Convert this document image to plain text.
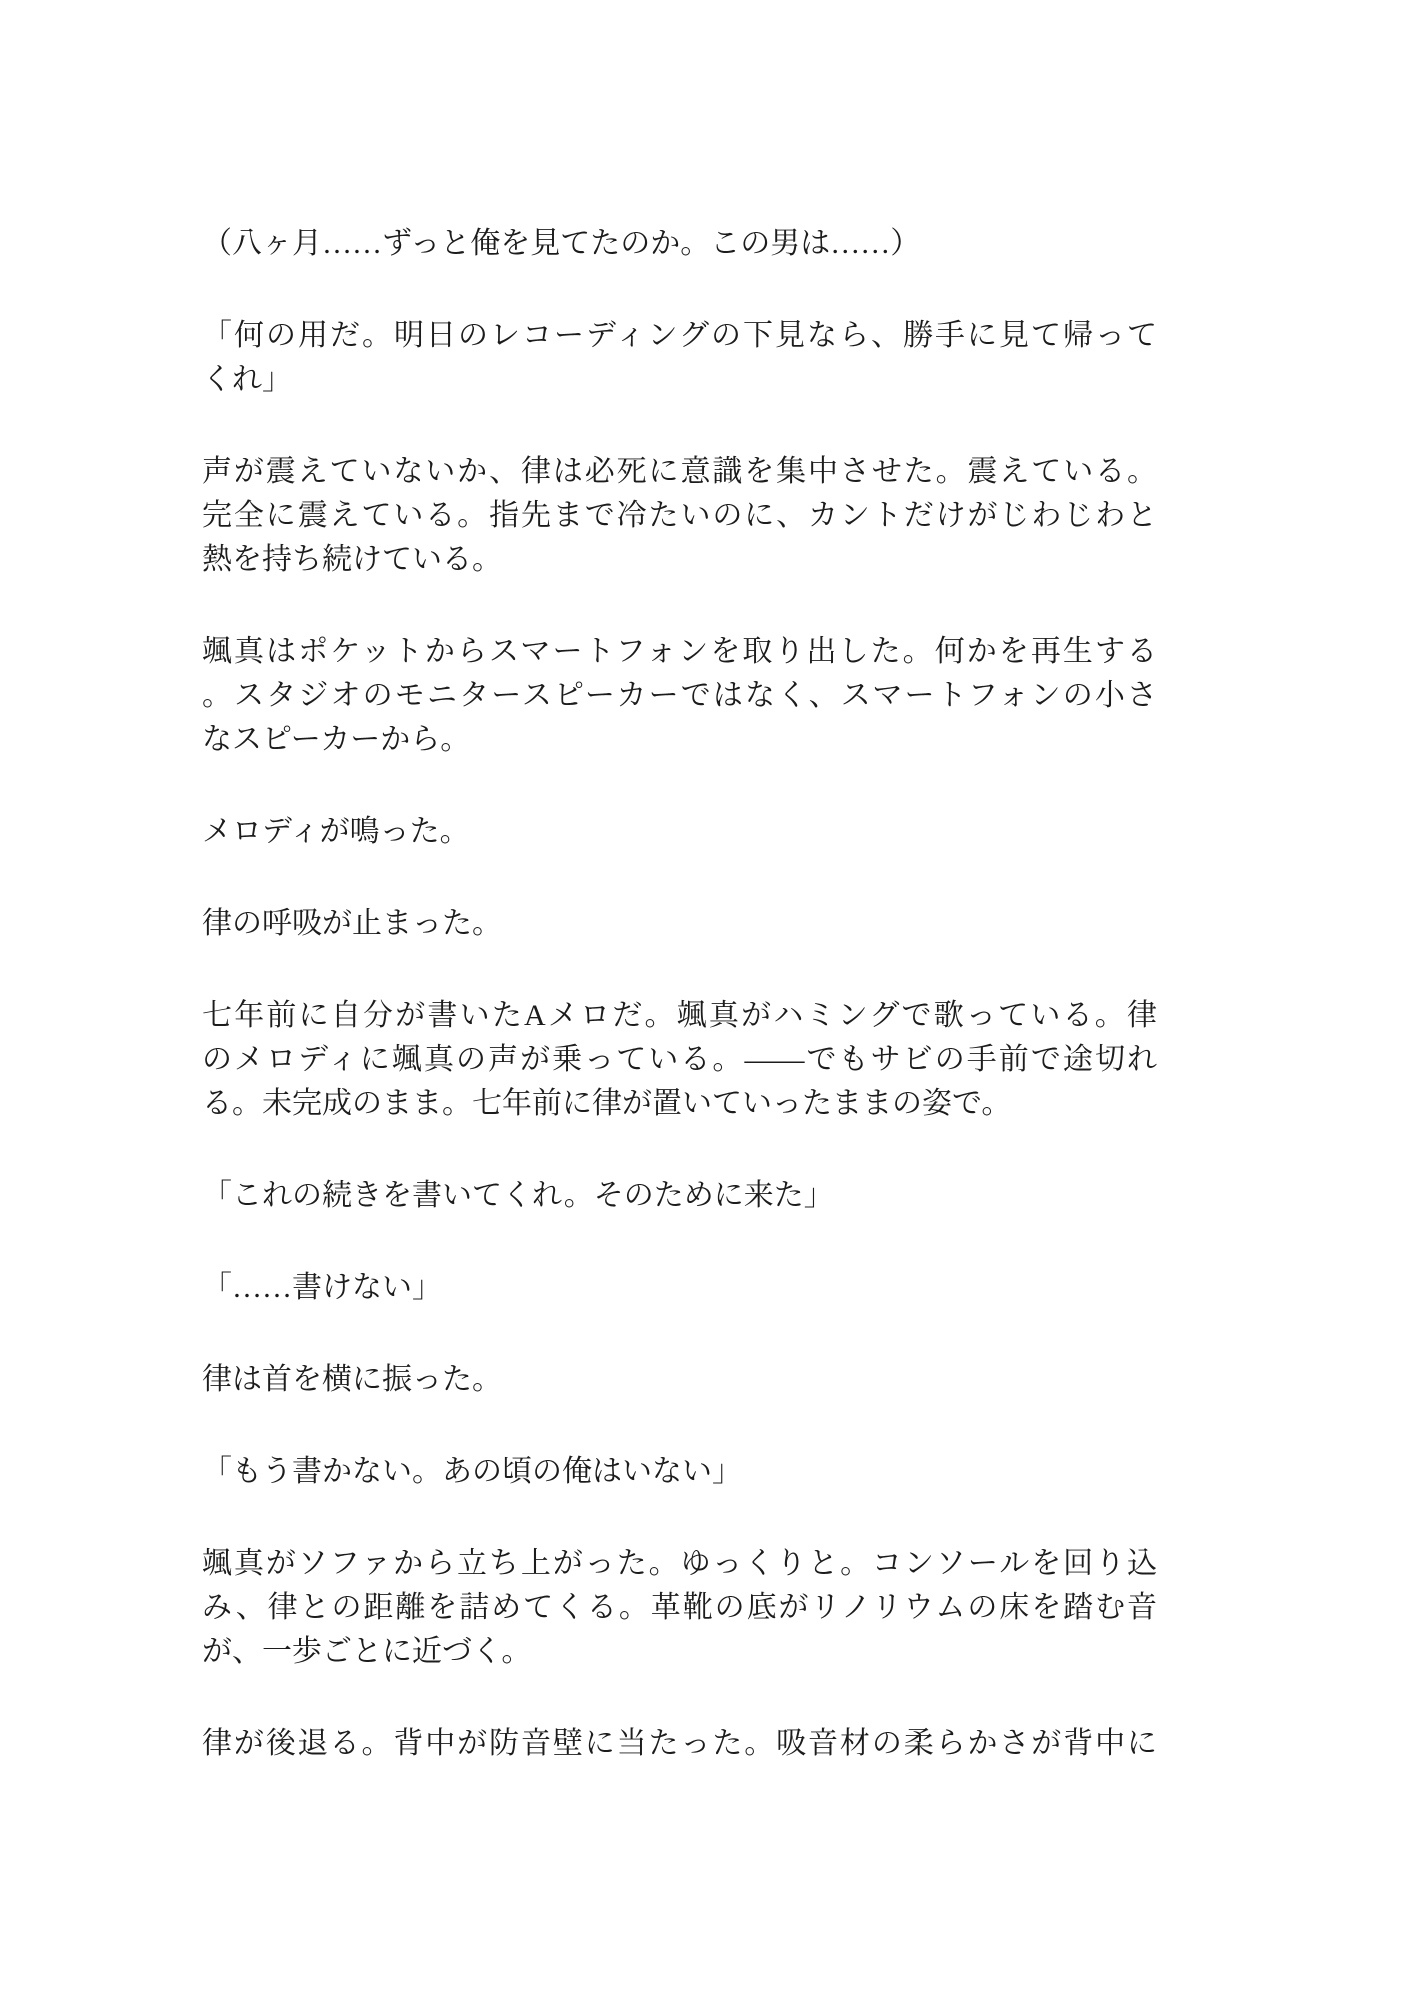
（八ヶ月……ずっと俺を見てたのか。この男は……）

「何の用だ。明日のレコーディングの下見なら、勝手に見て帰って
くれ」

声が震えていないか、律は必死に意識を集中させた。震えている。
完全に震えている。指先まで冷たいのに、カントだけがじわじわと
熱を持ち続けている。

颯真はポケットからスマートフォンを取り出した。何かを再生する
。スタジオのモニタースピーカーではなく、スマートフォンの小さ
なスピーカーから。

メロディが鳴った。

律の呼吸が止まった。

七年前に自分が書いたAメロだ。颯真がハミングで歌っている。律
のメロディに颯真の声が乗っている。——でもサビの手前で途切れ
る。未完成のまま。七年前に律が置いていったままの姿で。

「これの続きを書いてくれ。そのために来た」

「……書けない」

律は首を横に振った。

「もう書かない。あの頃の俺はいない」

颯真がソファから立ち上がった。ゆっくりと。コンソールを回り込
み、律との距離を詰めてくる。革靴の底がリノリウムの床を踏む音
が、一歩ごとに近づく。

律が後退る。背中が防音壁に当たった。吸音材の柔らかさが背中に
